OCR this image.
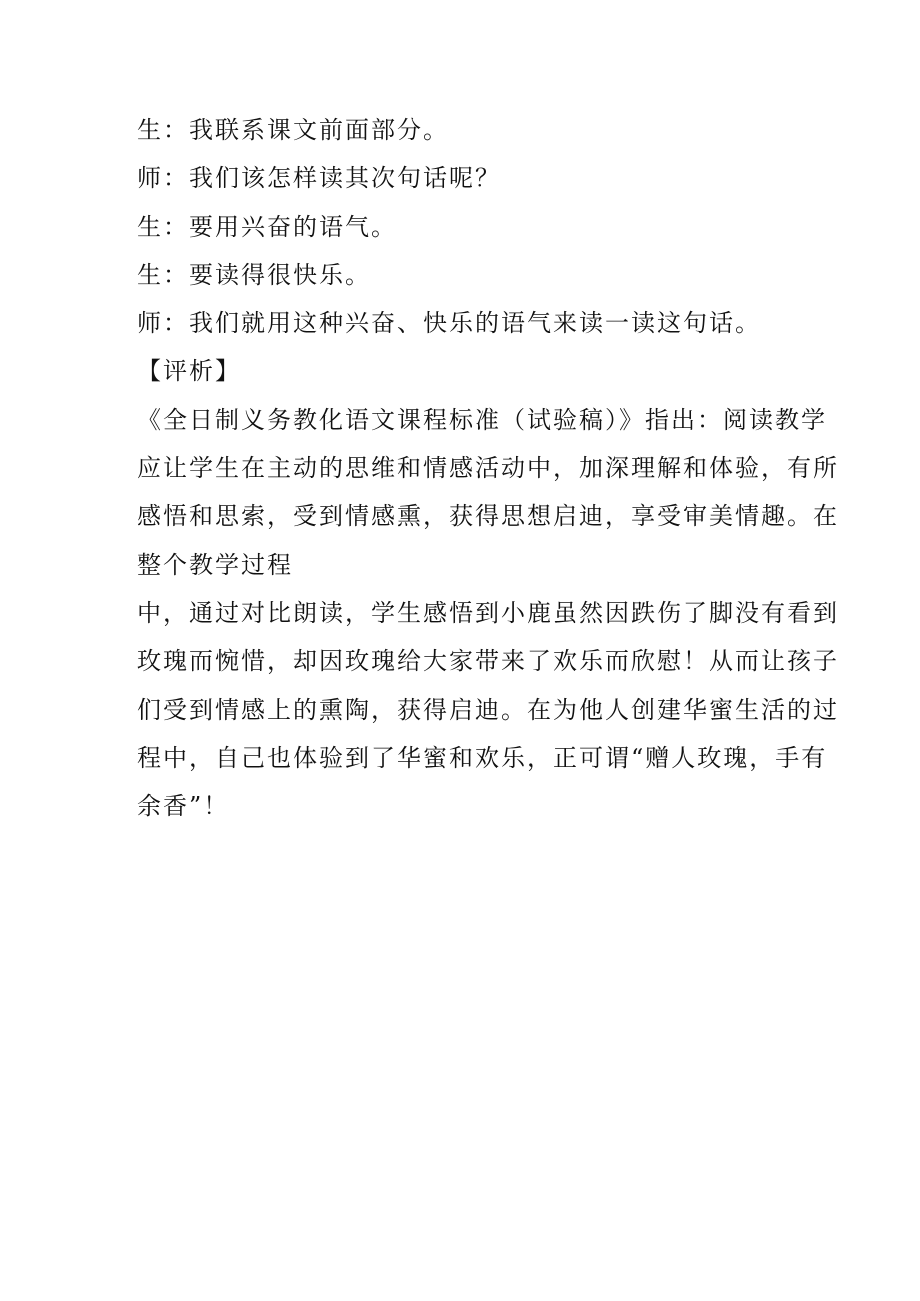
生：我联系课文前面部分。
师：我们该怎样读其次句话呢？
生：要用兴奋的语气。
生：要读得很快乐。
师：我们就用这种兴奋、快乐的语气来读一读这句话。
【评析】
《全日制义务教化语文课程标准（试验稿）》指出：阅读教学
应让学生在主动的思维和情感活动中，加深理解和体验，有所
感悟和思索，受到情感熏，获得思想启迪，享受审美情趣。在
整个教学过程
中，通过对比朗读，学生感悟到小鹿虽然因跌伤了脚没有看到
玫瑰而惋惜，却因玫瑰给大家带来了欢乐而欣慰！从而让孩子
们受到情感上的熏陶，获得启迪。在为他人创建华蜜生活的过
程中，自己也体验到了华蜜和欢乐，正可谓“赠人玫瑰，手有
余香”！
